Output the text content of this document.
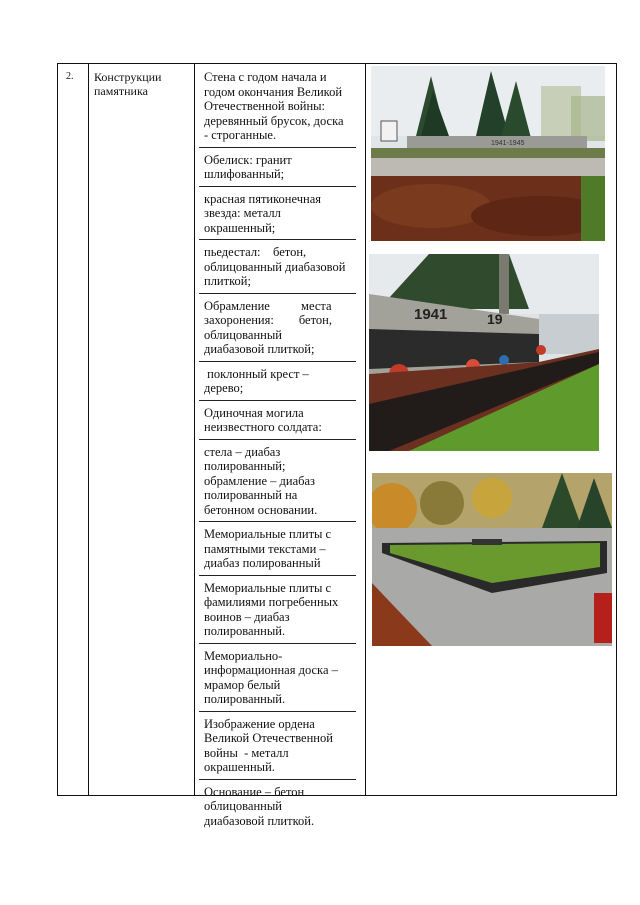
2. Конструкции
памятника
Стена с годом начала и
годом окончания Великой
Отечественной войны:
деревянный брусок, доска
- строганные.
Обелиск: гранит
шлифованный;
красная пятиконечная
звезда: металл
окрашенный;
пьедестал:    бетон,
облицованный диабазовой
плиткой;
Обрамление          места
захоронения:        бетон,
облицованный
диабазовой плиткой;
поклонный крест –
дерево;
Одиночная могила
неизвестного солдата:
стела – диабаз
полированный;
обрамление – диабаз
полированный на
бетонном основании.
Мемориальные плиты с
памятными текстами –
диабаз полированный
Мемориальные плиты с
фамилиями погребенных
воинов – диабаз
полированный.
Мемориально-
информационная доска –
мрамор белый
полированный.
Изображение ордена
Великой Отечественной
войны  - металл
окрашенный.
Основание – бетон
облицованный
диабазовой плиткой.
1941-1945
1941	19
